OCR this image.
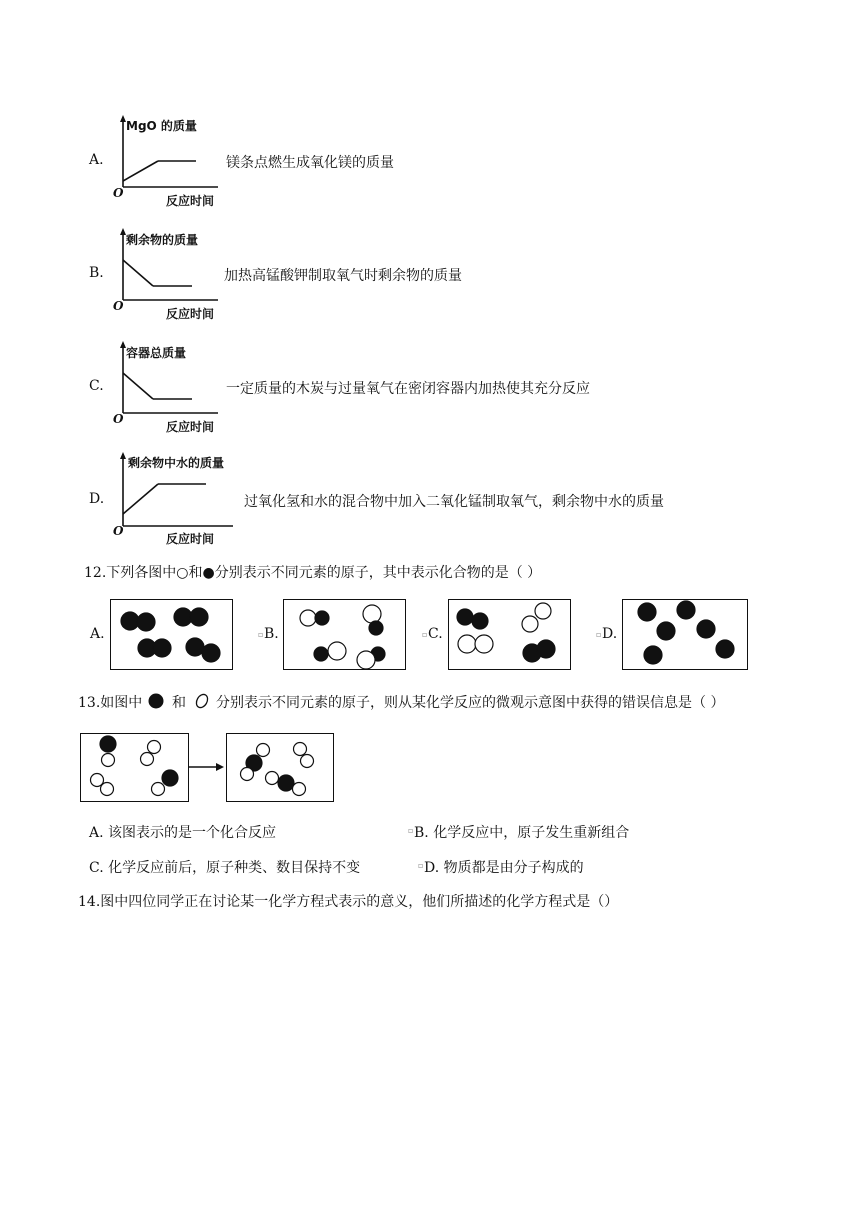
A.
MgO 的质量
O
反应时间
镁条点燃生成氧化镁的质量
B.
剩余物的质量
O
反应时间
加热高锰酸钾制取氧气时剩余物的质量
C.
容器总质量
O
反应时间
一定质量的木炭与过量氧气在密闭容器内加热使其充分反应
D.
剩余物中水的质量
O
反应时间
过氧化氢和水的混合物中加入二氧化锰制取氧气，剩余物中水的质量
12.下列各图中○和●分别表示不同元素的原子，其中表示化合物的是（ ）
A.	▫ B.	▫ C.	▫ D.
13.如图中 和 分别表示不同元素的原子，则从某化学反应的微观示意图中获得的错误信息是（ ）
A. 该图表示的是一个化合反应	▫ B. 化学反应中，原子发生重新组合
C. 化学反应前后，原子种类、数目保持不变	▫ D. 物质都是由分子构成的
14.图中四位同学正在讨论某一化学方程式表示的意义，他们所描述的化学方程式是（）
